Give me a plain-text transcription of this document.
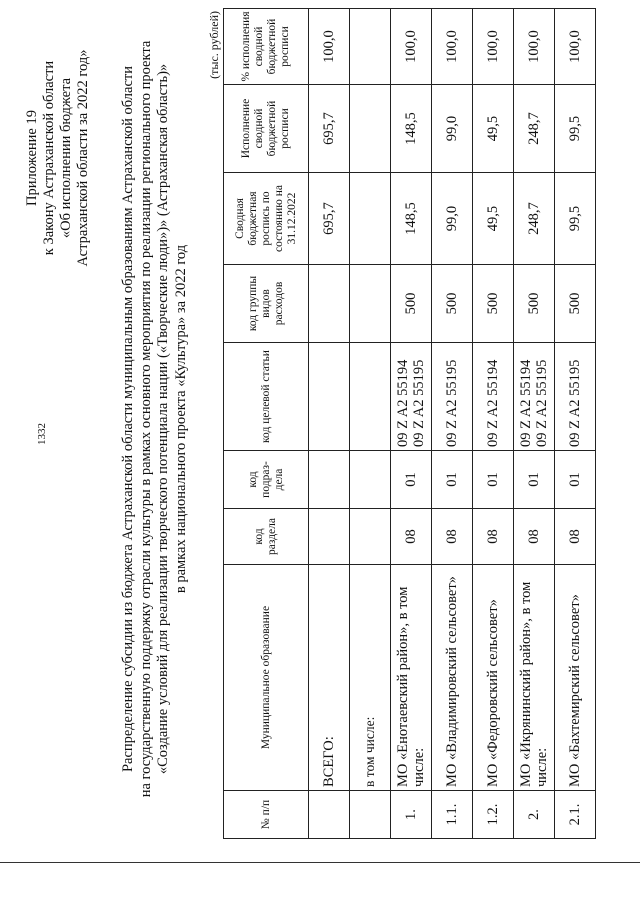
1332
Приложение 19 к Закону Астраханской области «Об исполнении бюджета Астраханской области за 2022 год» Распределение субсидии из бюджета Астраханской области муниципальным образованиям Астраханской области на государственную поддержку отрасли культуры в рамках основного мероприятия по реализации регионального проекта «Создание условий для реализации творческого потенциала нации («Творческие люди»)» (Астраханская область)» в рамках национального проекта «Культура» за 2022 год
(тыс. рублей)
№ п/п	Муниципальное образование	код раздела	код подраз- дела	код целевой статьи	код группы видов расходов	Сводная бюджетная роспись по состоянию на 31.12.2022	Исполнение сводной бюджетной росписи	% исполнения сводной бюджетной росписи
	ВСЕГО:					695,7	695,7	100,0
	в том числе:							
1.	МО «Енотаевский район», в том числе:	08	01	09 Z A2 55194 09 Z A2 55195	500	148,5	148,5	100,0
1.1.	МО «Владимировский сельсовет»	08	01	09 Z A2 55195	500	99,0	99,0	100,0
1.2.	МО «Федоровский сельсовет»	08	01	09 Z A2 55194	500	49,5	49,5	100,0
2.	МО «Икрянинский район», в том числе:	08	01	09 Z A2 55194 09 Z A2 55195	500	248,7	248,7	100,0
2.1.	МО «Бахтемирский сельсовет»	08	01	09 Z A2 55195	500	99,5	99,5	100,0
